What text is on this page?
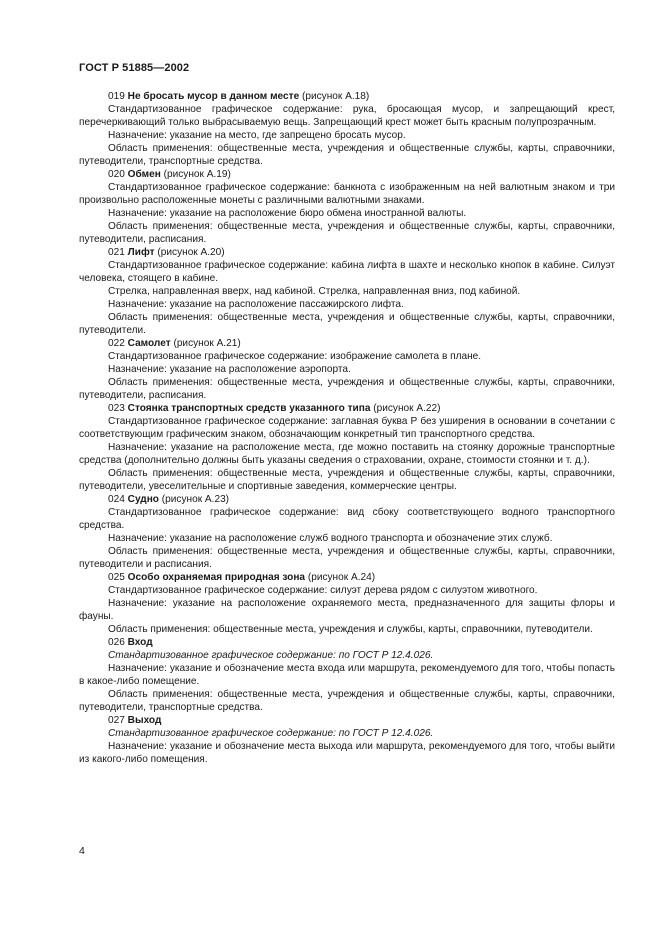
ГОСТ Р 51885—2002

019 Не бросать мусор в данном месте (рисунок А.18)

Стандартизованное графическое содержание: рука, бросающая мусор, и запрещающий крест, перечеркивающий только выбрасываемую вещь. Запрещающий крест может быть красным полупрозрачным.

Назначение: указание на место, где запрещено бросать мусор.

Область применения: общественные места, учреждения и общественные службы, карты, справочники, путеводители, транспортные средства.

020 Обмен (рисунок А.19)

Стандартизованное графическое содержание: банкнота с изображенным на ней валютным знаком и три произвольно расположенные монеты с различными валютными знаками.

Назначение: указание на расположение бюро обмена иностранной валюты.

Область применения: общественные места, учреждения и общественные службы, карты, справочники, путеводители, расписания.

021 Лифт (рисунок А.20)

Стандартизованное графическое содержание: кабина лифта в шахте и несколько кнопок в кабине. Силуэт человека, стоящего в кабине.

Стрелка, направленная вверх, над кабиной. Стрелка, направленная вниз, под кабиной.

Назначение: указание на расположение пассажирского лифта.

Область применения: общественные места, учреждения и общественные службы, карты, справочники, путеводители.

022 Самолет (рисунок А.21)

Стандартизованное графическое содержание: изображение самолета в плане.

Назначение: указание на расположение аэропорта.

Область применения: общественные места, учреждения и общественные службы, карты, справочники, путеводители, расписания.

023 Стоянка транспортных средств указанного типа (рисунок А.22)

Стандартизованное графическое содержание: заглавная буква Р без уширения в основании в сочетании с соответствующим графическим знаком, обозначающим конкретный тип транспортного средства.

Назначение: указание на расположение места, где можно поставить на стоянку дорожные транспортные средства (дополнительно должны быть указаны сведения о страховании, охране, стоимости стоянки и т. д.).

Область применения: общественные места, учреждения и общественные службы, карты, справочники, путеводители, увеселительные и спортивные заведения, коммерческие центры.

024 Судно (рисунок А.23)

Стандартизованное графическое содержание: вид сбоку соответствующего водного транспортного средства.

Назначение: указание на расположение служб водного транспорта и обозначение этих служб.

Область применения: общественные места, учреждения и общественные службы, карты, справочники, путеводители и расписания.

025 Особо охраняемая природная зона (рисунок А.24)

Стандартизованное графическое содержание: силуэт дерева рядом с силуэтом животного.

Назначение: указание на расположение охраняемого места, предназначенного для защиты флоры и фауны.

Область применения: общественные места, учреждения и службы, карты, справочники, путеводители.

026 Вход

Стандартизованное графическое содержание: по ГОСТ Р 12.4.026.

Назначение: указание и обозначение места входа или маршрута, рекомендуемого для того, чтобы попасть в какое-либо помещение.

Область применения: общественные места, учреждения и общественные службы, карты, справочники, путеводители, транспортные средства.

027 Выход

Стандартизованное графическое содержание: по ГОСТ Р 12.4.026.

Назначение: указание и обозначение места выхода или маршрута, рекомендуемого для того, чтобы выйти из какого-либо помещения.

4
